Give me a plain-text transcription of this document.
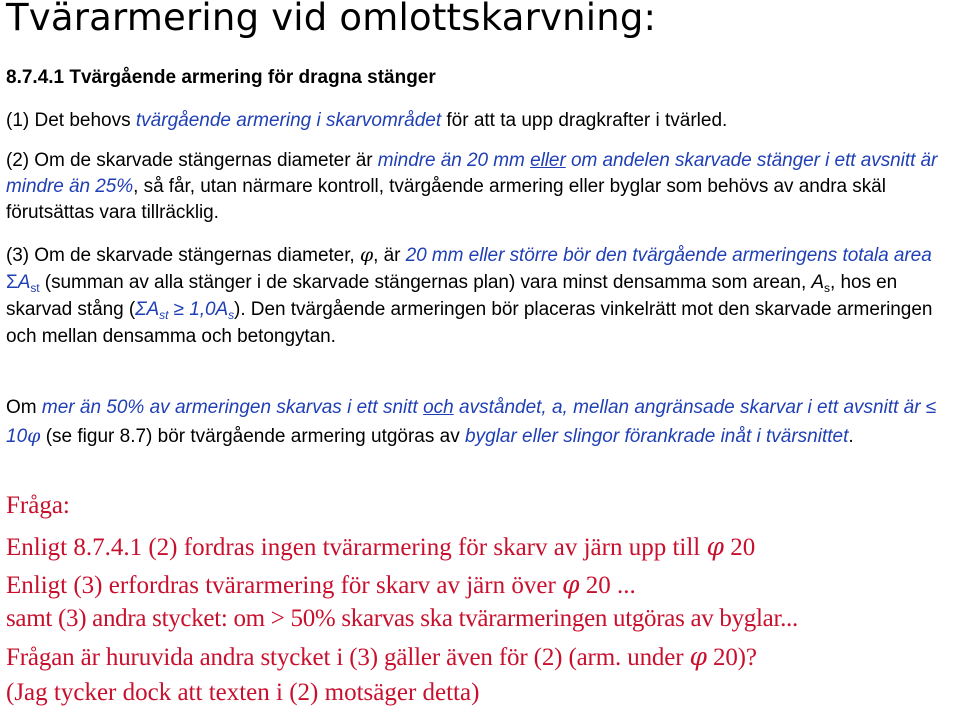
Tvärarmering vid omlottskarvning:
8.7.4.1 Tvärgående armering för dragna stänger
(1) Det behovs tvärgående armering i skarvområdet för att ta upp dragkrafter i tvärled.
(2) Om de skarvade stängernas diameter är mindre än 20 mm eller om andelen skarvade stänger i ett avsnitt är mindre än 25%, så får, utan närmare kontroll, tvärgående armering eller byglar som behövs av andra skäl förutsättas vara tillräcklig.
(3) Om de skarvade stängernas diameter, φ, är 20 mm eller större bör den tvärgående armeringens totala area $\Sigma A_{st}$ (summan av alla stänger i de skarvade stängernas plan) vara minst densamma som arean, $A_s$, hos en skarvad stång $(\Sigma A_{st} \ge 1,0A_s)$. Den tvärgående armeringen bör placeras vinkelrätt mot den skarvade armeringen och mellan densamma och betongytan.
Om mer än 50% av armeringen skarvas i ett snitt och avståndet, a, mellan angränsade skarvar i ett avsnitt är ≤ 10φ (se figur 8.7) bör tvärgående armering utgöras av byglar eller slingor förankrade inåt i tvärsnittet.
Fråga:
Enligt 8.7.4.1 (2) fordras ingen tvärarmering för skarv av järn upp till φ 20
Enligt (3) erfordras tvärarmering för skarv av järn över φ 20 ...
samt (3) andra stycket: om > 50% skarvas ska tvärarmeringen utgöras av byglar...
Frågan är huruvida andra stycket i (3) gäller även för (2) (arm. under φ 20)?
(Jag tycker dock att texten i (2) motsäger detta)
